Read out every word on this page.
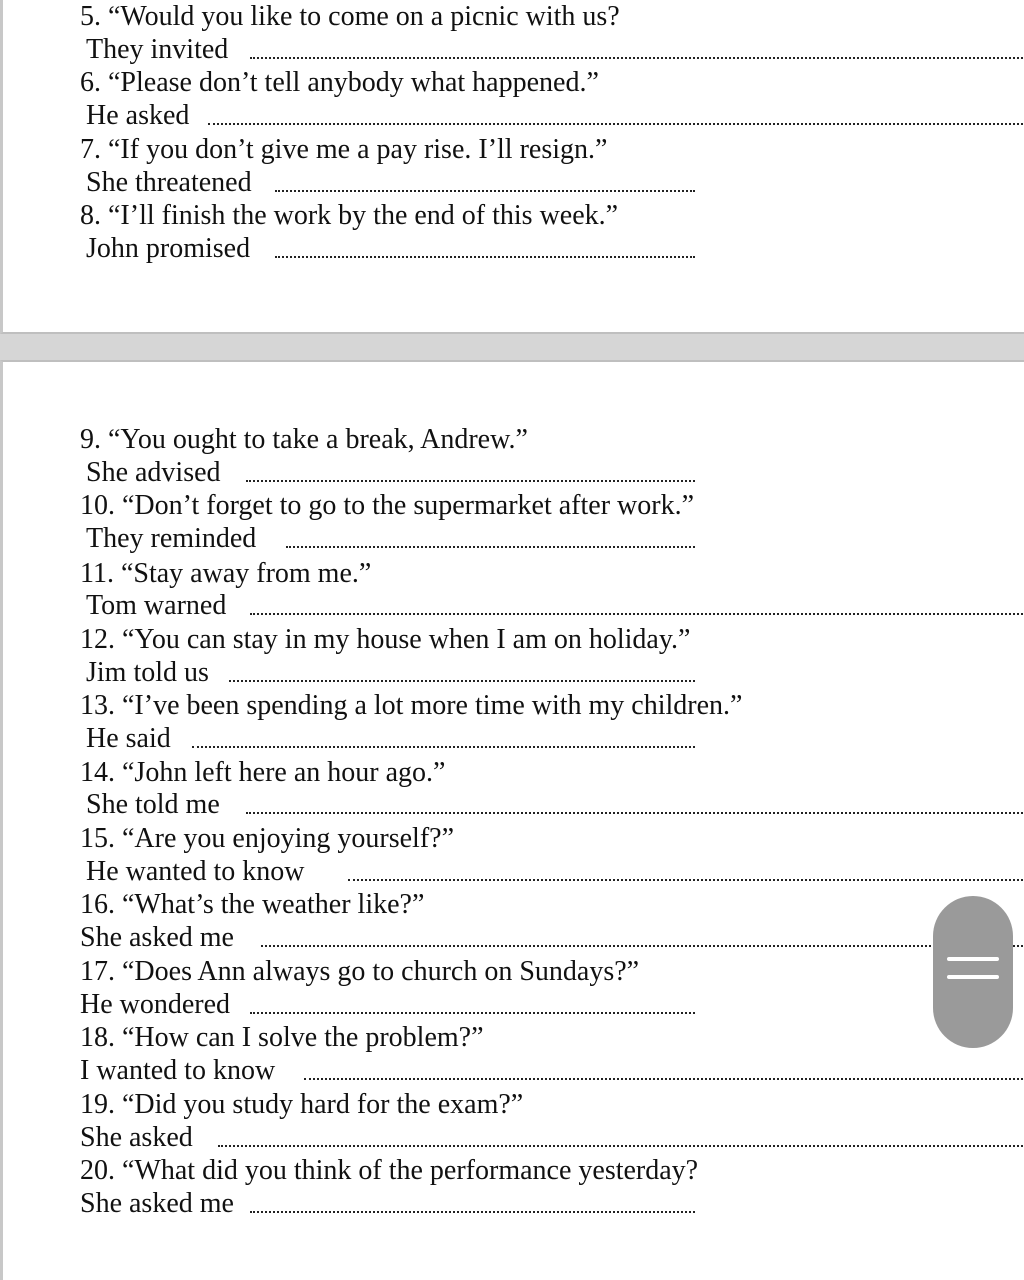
5. “Would you like to come on a picnic with us?
They invited
6. “Please don’t tell anybody what happened.”
He asked
7. “If you don’t give me a pay rise. I’ll resign.”
She threatened
8. “I’ll finish the work by the end of this week.”
John promised
9. “You ought to take a break, Andrew.”
She advised
10. “Don’t forget to go to the supermarket after work.”
They reminded
11. “Stay away from me.”
Tom warned
12. “You can stay in my house when I am on holiday.”
Jim told us
13. “I’ve been spending a lot more time with my children.”
He said
14. “John left here an hour ago.”
She told me
15. “Are you enjoying yourself?”
He wanted to know
16. “What’s the weather like?”
She asked me
17. “Does Ann always go to church on Sundays?”
He wondered
18. “How can I solve the problem?”
I wanted to know
19. “Did you study hard for the exam?”
She asked
20. “What did you think of the performance yesterday?
She asked me
